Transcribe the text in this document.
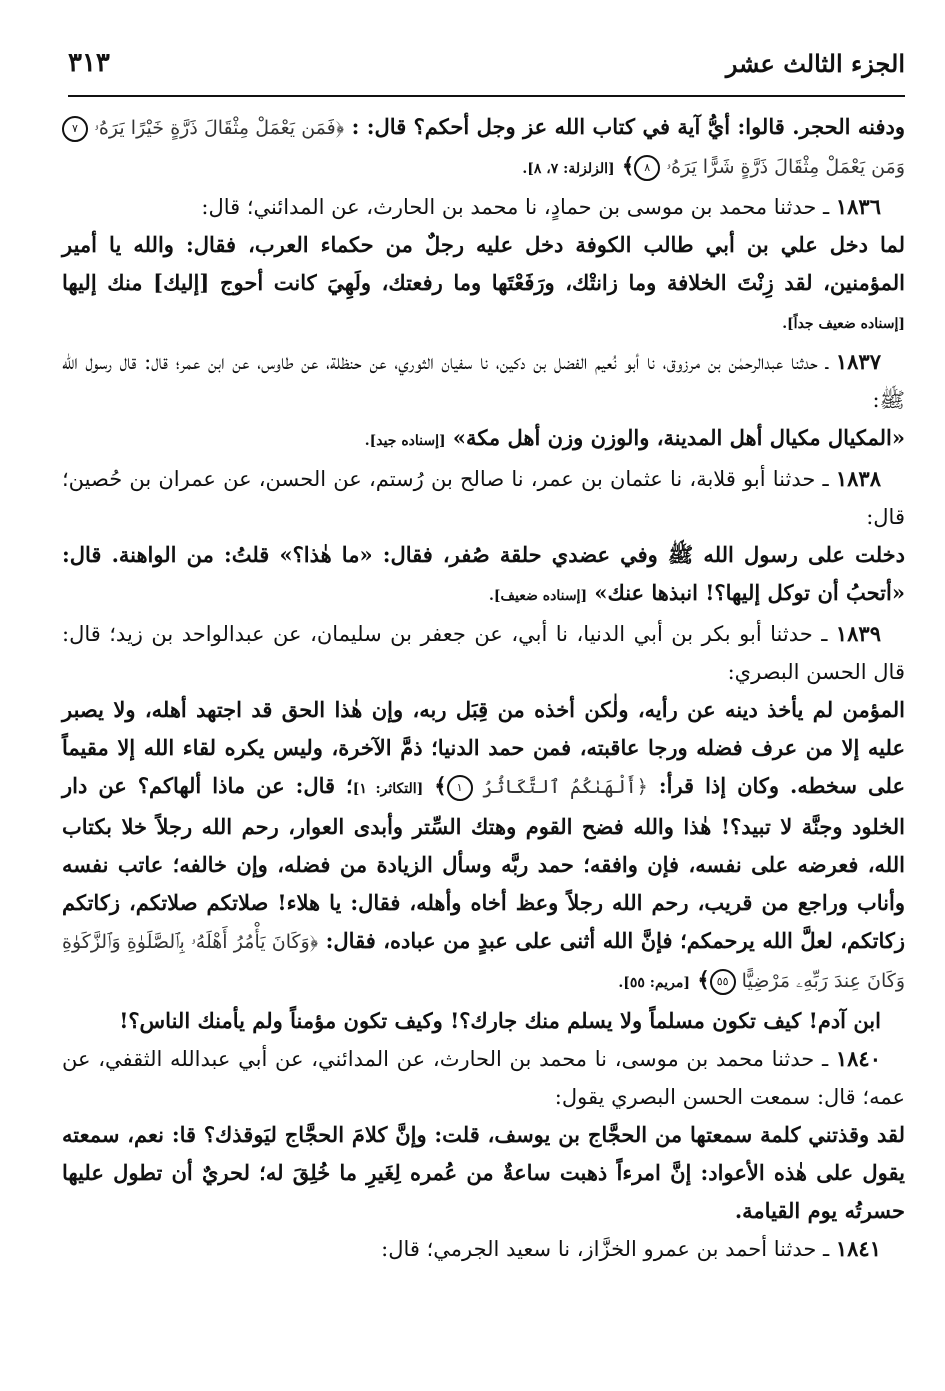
الجزء الثالث عشر
٣١٣

ودفنه الحجر. قالوا: أيُّ آية في كتاب الله عز وجل أحكم؟ قال: : ﴿فَمَن يَعْمَلْ مِثْقَالَ ذَرَّةٍ خَيْرًا يَرَهُۥ ٧ وَمَن يَعْمَلْ مِثْقَالَ ذَرَّةٍ شَرًّا يَرَهُۥ ٨﴾ [الزلزلة: ٧، ٨].

١٨٣٦ ـ حدثنا محمد بن موسى بن حمادٍ، نا محمد بن الحارث، عن المدائني؛ قال:

لما دخل علي بن أبي طالب الكوفة دخل عليه رجلٌ من حكماء العرب، فقال: والله يا أمير المؤمنين، لقد زِنْتَ الخلافة وما زانتْك، ورَفَعْتَها وما رفعتك، ولَهِيَ كانت أحوج [إليك] منك إليها [إسناده ضعيف جداً].

١٨٣٧ ـ حدثنا عبدالرحمٰن بن مرزوق، نا أبو نُعيم الفضل بن دكين، نا سفيان الثوري، عن حنظلة، عن طاوس، عن ابن عمر؛ قال: قال رسول الله ﷺ:

«المكيال مكيال أهل المدينة، والوزن وزن أهل مكة» [إسناده جيد].

١٨٣٨ ـ حدثنا أبو قلابة، نا عثمان بن عمر، نا صالح بن رُستم، عن الحسن، عن عمران بن حُصين؛ قال:

دخلت على رسول الله ﷺ وفي عضدي حلقة صُفر، فقال: «ما هٰذا؟» قلتُ: من الواهنة. قال: «أتحبُ أن توكل إليها؟! انبذها عنك» [إسناده ضعيف].

١٨٣٩ ـ حدثنا أبو بكر بن أبي الدنيا، نا أبي، عن جعفر بن سليمان، عن عبدالواحد بن زيد؛ قال: قال الحسن البصري:

المؤمن لم يأخذ دينه عن رأيه، ولٰكن أخذه من قِبَل ربه، وإن هٰذا الحق قد اجتهد أهله، ولا يصبر عليه إلا من عرف فضله ورجا عاقبته، فمن حمد الدنيا؛ ذمَّ الآخرة، وليس يكره لقاء الله إلا مقيماً على سخطه. وكان إذا قرأ: ﴿أَلْهَىٰكُمُ ٱلتَّكَاثُرُ ١﴾ [التكاثر: ١]؛ قال: عن ماذا ألهاكم؟ عن دار الخلود وجنَّة لا تبيد؟! هٰذا والله فضح القوم وهتك السِّتر وأبدى العوار، رحم الله رجلاً خلا بكتاب الله، فعرضه على نفسه، فإن وافقه؛ حمد ربَّه وسأل الزيادة من فضله، وإن خالفه؛ عاتب نفسه وأناب وراجع من قريب، رحم الله رجلاً وعظ أخاه وأهله، فقال: يا هلاء! صلاتكم صلاتكم، زكاتكم زكاتكم، لعلَّ الله يرحمكم؛ فإنَّ الله أثنى على عبدٍ من عباده، فقال: ﴿وَكَانَ يَأْمُرُ أَهْلَهُۥ بِٱلصَّلَوٰةِ وَٱلزَّكَوٰةِ وَكَانَ عِندَ رَبِّهِۦ مَرْضِيًّا ٥٥﴾ [مريم: ٥٥].

ابن آدم! كيف تكون مسلماً ولا يسلم منك جارك؟! وكيف تكون مؤمناً ولم يأمنك الناس؟!

١٨٤٠ ـ حدثنا محمد بن موسى، نا محمد بن الحارث، عن المدائني، عن أبي عبدالله الثقفي، عن عمه؛ قال: سمعت الحسن البصري يقول:

لقد وقذتني كلمة سمعتها من الحجَّاج بن يوسف، قلت: وإنَّ كلامَ الحجَّاج ليَوقذك؟ قا: نعم، سمعته يقول على هٰذه الأعواد: إنَّ امرءاً ذهبت ساعةٌ من عُمره لِغَيرِ ما خُلِقَ له؛ لحريٌ أن تطول عليها حسرتُه يوم القيامة.

١٨٤١ ـ حدثنا أحمد بن عمرو الخزَّاز، نا سعيد الجرمي؛ قال:
